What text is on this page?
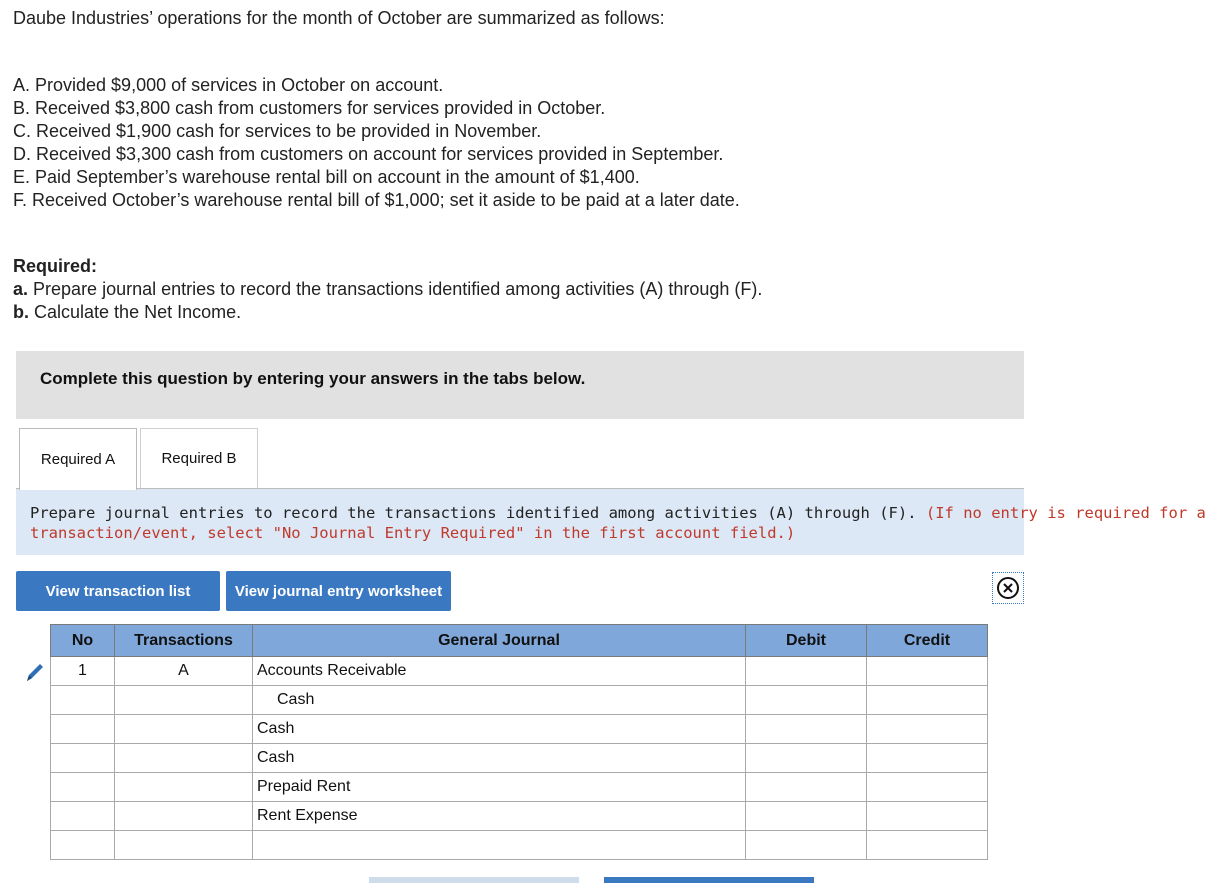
Daube Industries’ operations for the month of October are summarized as follows:
A. Provided $9,000 of services in October on account.
B. Received $3,800 cash from customers for services provided in October.
C. Received $1,900 cash for services to be provided in November.
D. Received $3,300 cash from customers on account for services provided in September.
E. Paid September’s warehouse rental bill on account in the amount of $1,400.
F. Received October’s warehouse rental bill of $1,000; set it aside to be paid at a later date.
Required:
a. Prepare journal entries to record the transactions identified among activities (A) through (F).
b. Calculate the Net Income.
Complete this question by entering your answers in the tabs below.
Required A	Required B
Prepare journal entries to record the transactions identified among activities (A) through (F). (If no entry is required for a
transaction/event, select "No Journal Entry Required" in the first account field.)
View transaction list	View journal entry worksheet
No	Transactions	General Journal	Debit	Credit
1	A	Accounts Receivable		
		Cash		
		Cash		
		Cash		
		Prepaid Rent		
		Rent Expense		
